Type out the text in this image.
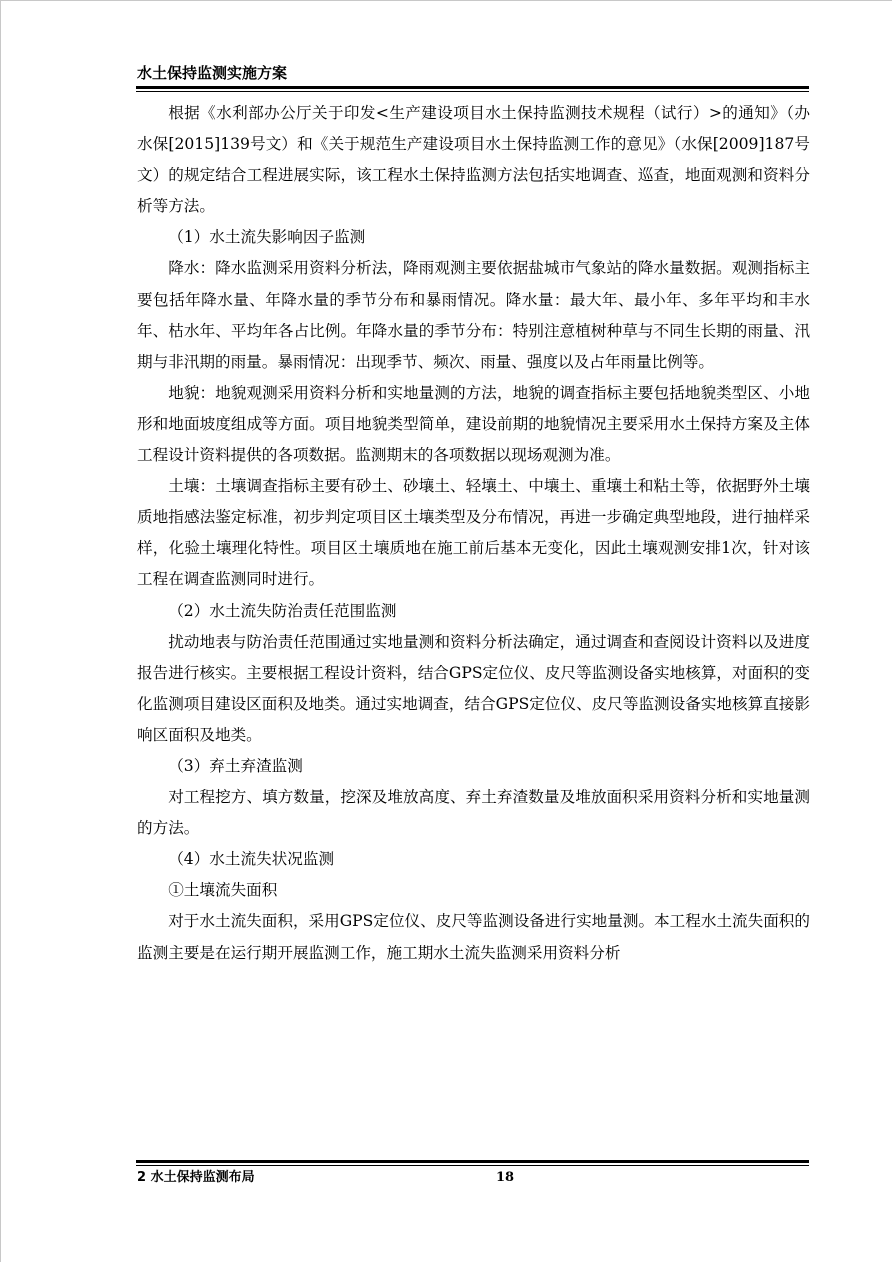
水土保持监测实施方案

根据《水利部办公厅关于印发<生产建设项目水土保持监测技术规程（试行）>的通知》（办水保[2015]139号文）和《关于规范生产建设项目水土保持监测工作的意见》（水保[2009]187号文）的规定结合工程进展实际，该工程水土保持监测方法包括实地调查、巡查，地面观测和资料分析等方法。

（1）水土流失影响因子监测

降水：降水监测采用资料分析法，降雨观测主要依据盐城市气象站的降水量数据。观测指标主要包括年降水量、年降水量的季节分布和暴雨情况。降水量：最大年、最小年、多年平均和丰水年、枯水年、平均年各占比例。年降水量的季节分布：特别注意植树种草与不同生长期的雨量、汛期与非汛期的雨量。暴雨情况：出现季节、频次、雨量、强度以及占年雨量比例等。

地貌：地貌观测采用资料分析和实地量测的方法，地貌的调查指标主要包括地貌类型区、小地形和地面坡度组成等方面。项目地貌类型简单，建设前期的地貌情况主要采用水土保持方案及主体工程设计资料提供的各项数据。监测期末的各项数据以现场观测为准。

土壤：土壤调查指标主要有砂土、砂壤土、轻壤土、中壤土、重壤土和粘土等，依据野外土壤质地指感法鉴定标准，初步判定项目区土壤类型及分布情况，再进一步确定典型地段，进行抽样采样，化验土壤理化特性。项目区土壤质地在施工前后基本无变化，因此土壤观测安排1次，针对该工程在调查监测同时进行。

（2）水土流失防治责任范围监测

扰动地表与防治责任范围通过实地量测和资料分析法确定，通过调查和查阅设计资料以及进度报告进行核实。主要根据工程设计资料，结合GPS定位仪、皮尺等监测设备实地核算，对面积的变化监测项目建设区面积及地类。通过实地调查，结合GPS定位仪、皮尺等监测设备实地核算直接影响区面积及地类。

（3）弃土弃渣监测

对工程挖方、填方数量，挖深及堆放高度、弃土弃渣数量及堆放面积采用资料分析和实地量测的方法。

（4）水土流失状况监测

①土壤流失面积

对于水土流失面积，采用GPS定位仪、皮尺等监测设备进行实地量测。本工程水土流失面积的监测主要是在运行期开展监测工作，施工期水土流失监测采用资料分析

2 水土保持监测布局	18
